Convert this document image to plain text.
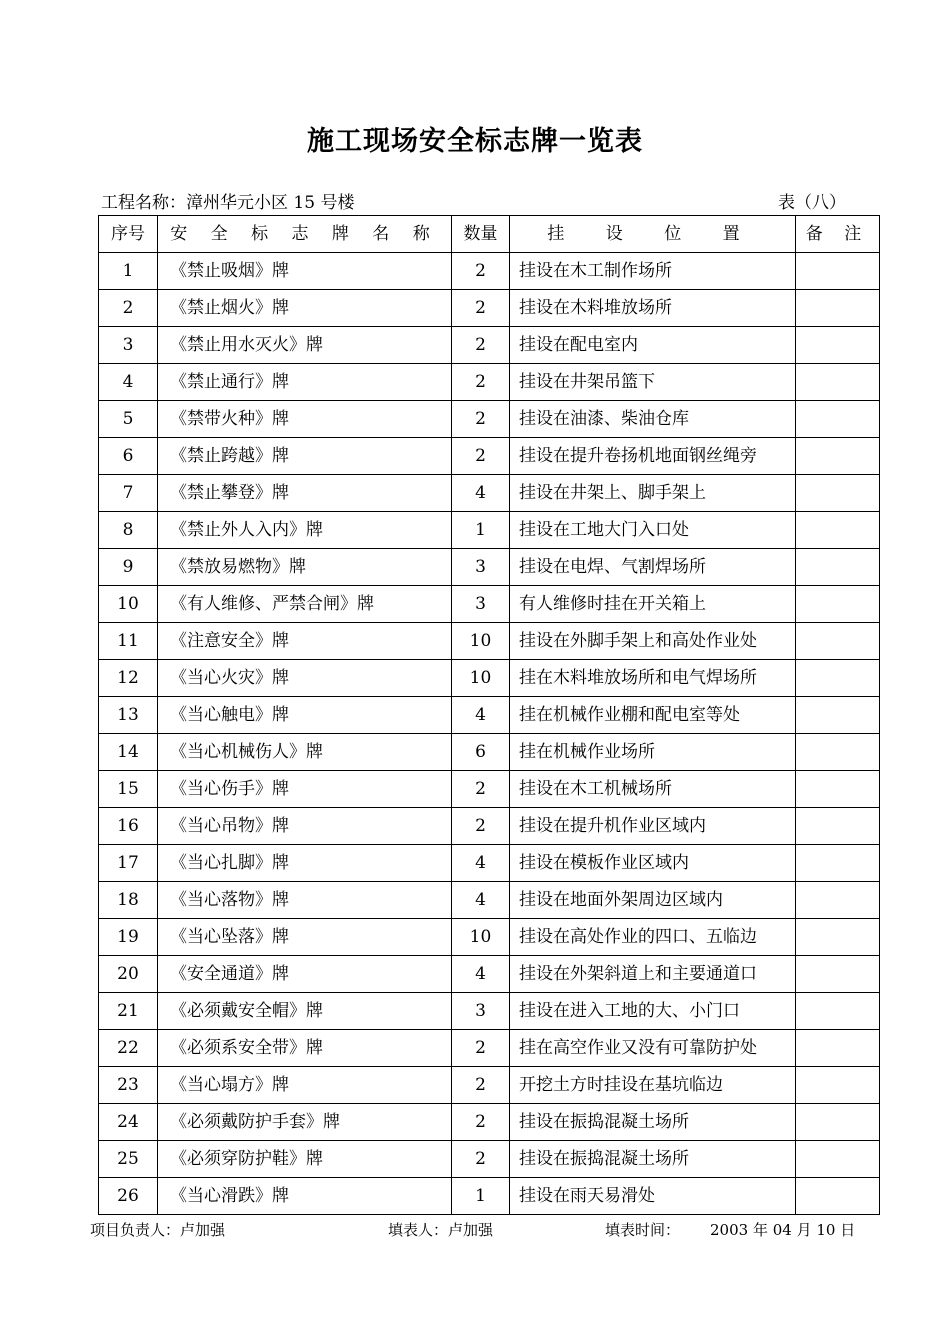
施工现场安全标志牌一览表
工程名称：漳州华元小区 15 号楼	表（八）
序号	安 全 标 志 牌 名 称	数量	挂 设 位 置	备 注
1	《禁止吸烟》牌	2	挂设在木工制作场所	
2	《禁止烟火》牌	2	挂设在木料堆放场所	
3	《禁止用水灭火》牌	2	挂设在配电室内	
4	《禁止通行》牌	2	挂设在井架吊篮下	
5	《禁带火种》牌	2	挂设在油漆、柴油仓库	
6	《禁止跨越》牌	2	挂设在提升卷扬机地面钢丝绳旁	
7	《禁止攀登》牌	4	挂设在井架上、脚手架上	
8	《禁止外人入内》牌	1	挂设在工地大门入口处	
9	《禁放易燃物》牌	3	挂设在电焊、气割焊场所	
10	《有人维修、严禁合闸》牌	3	有人维修时挂在开关箱上	
11	《注意安全》牌	10	挂设在外脚手架上和高处作业处	
12	《当心火灾》牌	10	挂在木料堆放场所和电气焊场所	
13	《当心触电》牌	4	挂在机械作业棚和配电室等处	
14	《当心机械伤人》牌	6	挂在机械作业场所	
15	《当心伤手》牌	2	挂设在木工机械场所	
16	《当心吊物》牌	2	挂设在提升机作业区域内	
17	《当心扎脚》牌	4	挂设在模板作业区域内	
18	《当心落物》牌	4	挂设在地面外架周边区域内	
19	《当心坠落》牌	10	挂设在高处作业的四口、五临边	
20	《安全通道》牌	4	挂设在外架斜道上和主要通道口	
21	《必须戴安全帽》牌	3	挂设在进入工地的大、小门口	
22	《必须系安全带》牌	2	挂在高空作业又没有可靠防护处	
23	《当心塌方》牌	2	开挖土方时挂设在基坑临边	
24	《必须戴防护手套》牌	2	挂设在振捣混凝土场所	
25	《必须穿防护鞋》牌	2	挂设在振捣混凝土场所	
26	《当心滑跌》牌	1	挂设在雨天易滑处	
项目负责人：卢加强	填表人：卢加强	填表时间： 2003 年 04 月 10 日
